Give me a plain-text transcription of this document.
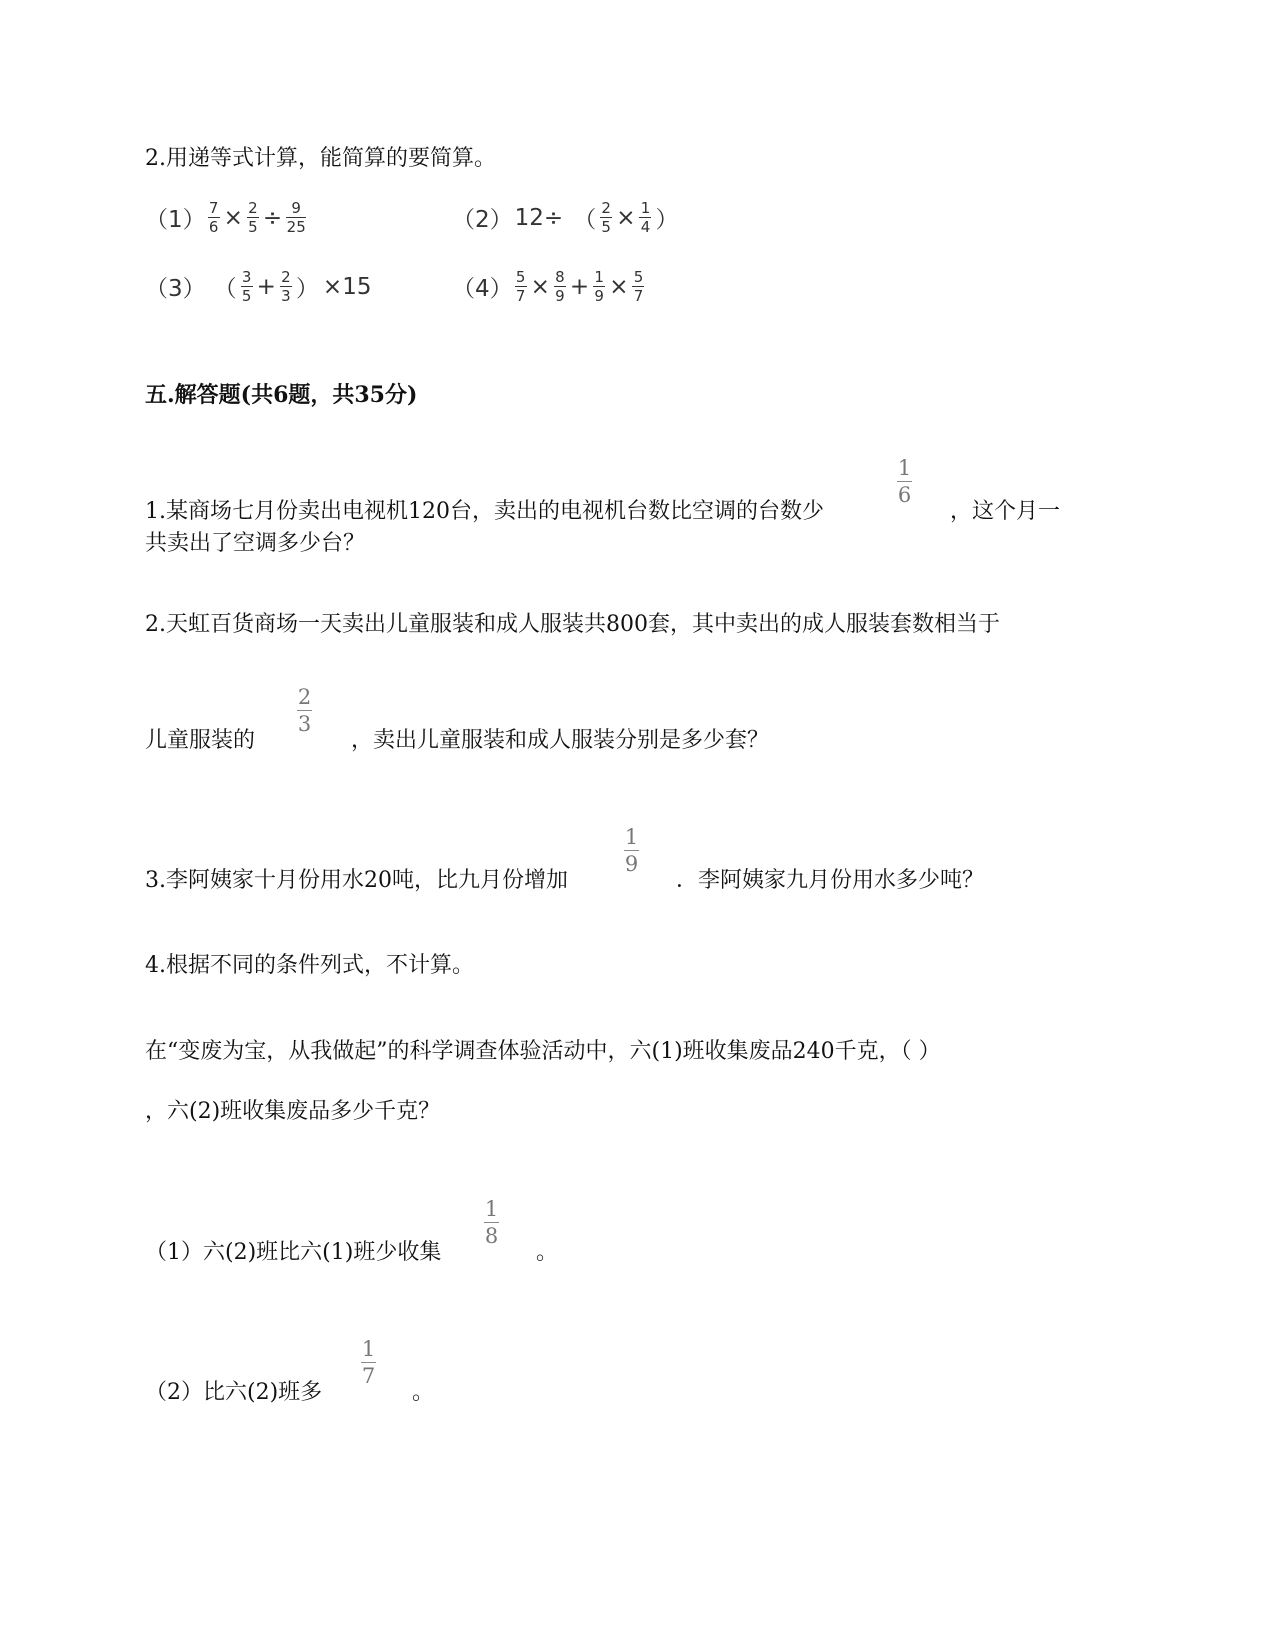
2.用递等式计算，能简算的要简算。
$(1) \frac{7}{6} \times \frac{2}{5} \div \frac{9}{25}$	（2） 12÷ （ $\frac{2}{5} \times \frac{1}{4}$ ）
（3） （ $\frac{3}{5} + \frac{2}{3}$ ） ×15	$(4) \frac{5}{7} \times \frac{8}{9} + \frac{1}{9} \times \frac{5}{7}$
五.解答题(共6题，共35分)
1.某商场七月份卖出电视机120台，卖出的电视机台数比空调的台数少
1
6
，这个月一
共卖出了空调多少台？
2.天虹百货商场一天卖出儿童服装和成人服装共800套，其中卖出的成人服装套数相当于
儿童服装的
2
3
，卖出儿童服装和成人服装分别是多少套？
3.李阿姨家十月份用水20吨，比九月份增加
1
9
．李阿姨家九月份用水多少吨？
4.根据不同的条件列式，不计算。
在“变废为宝，从我做起”的科学调查体验活动中，六(1)班收集废品240千克，（ ）
，六(2)班收集废品多少千克？
（1）六(2)班比六(1)班少收集
1
8
。
（2）比六(2)班多
1
7
。
